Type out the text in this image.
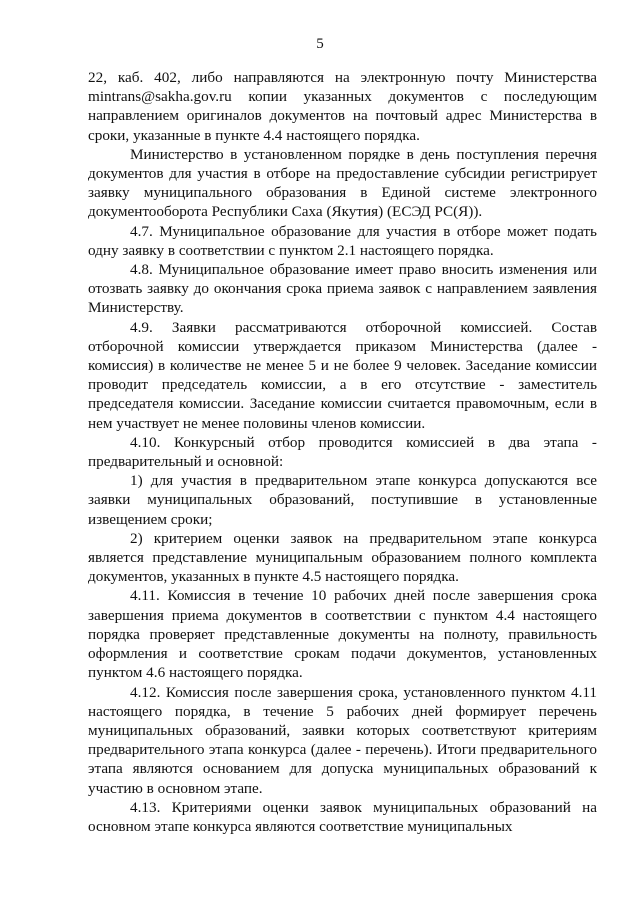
5

22, каб. 402, либо направляются на электронную почту Министерства mintrans@sakha.gov.ru копии указанных документов с последующим направлением оригиналов документов на почтовый адрес Министерства в сроки, указанные в пункте 4.4 настоящего порядка.

Министерство в установленном порядке в день поступления перечня документов для участия в отборе на предоставление субсидии регистрирует заявку муниципального образования в Единой системе электронного документооборота Республики Саха (Якутия) (ЕСЭД РС(Я)).

4.7. Муниципальное образование для участия в отборе может подать одну заявку в соответствии с пунктом 2.1 настоящего порядка.

4.8. Муниципальное образование имеет право вносить изменения или отозвать заявку до окончания срока приема заявок с направлением заявления Министерству.

4.9. Заявки рассматриваются отборочной комиссией. Состав отборочной комиссии утверждается приказом Министерства (далее - комиссия) в количестве не менее 5 и не более 9 человек. Заседание комиссии проводит председатель комиссии, а в его отсутствие - заместитель председателя комиссии. Заседание комиссии считается правомочным, если в нем участвует не менее половины членов комиссии.

4.10. Конкурсный отбор проводится комиссией в два этапа - предварительный и основной:

1) для участия в предварительном этапе конкурса допускаются все заявки муниципальных образований, поступившие в установленные извещением сроки;

2) критерием оценки заявок на предварительном этапе конкурса является представление муниципальным образованием полного комплекта документов, указанных в пункте 4.5 настоящего порядка.

4.11. Комиссия в течение 10 рабочих дней после завершения срока завершения приема документов в соответствии с пунктом 4.4 настоящего порядка проверяет представленные документы на полноту, правильность оформления и соответствие срокам подачи документов, установленных пунктом 4.6 настоящего порядка.

4.12. Комиссия после завершения срока, установленного пунктом 4.11 настоящего порядка, в течение 5 рабочих дней формирует перечень муниципальных образований, заявки которых соответствуют критериям предварительного этапа конкурса (далее - перечень). Итоги предварительного этапа являются основанием для допуска муниципальных образований к участию в основном этапе.

4.13. Критериями оценки заявок муниципальных образований на основном этапе конкурса являются соответствие муниципальных
